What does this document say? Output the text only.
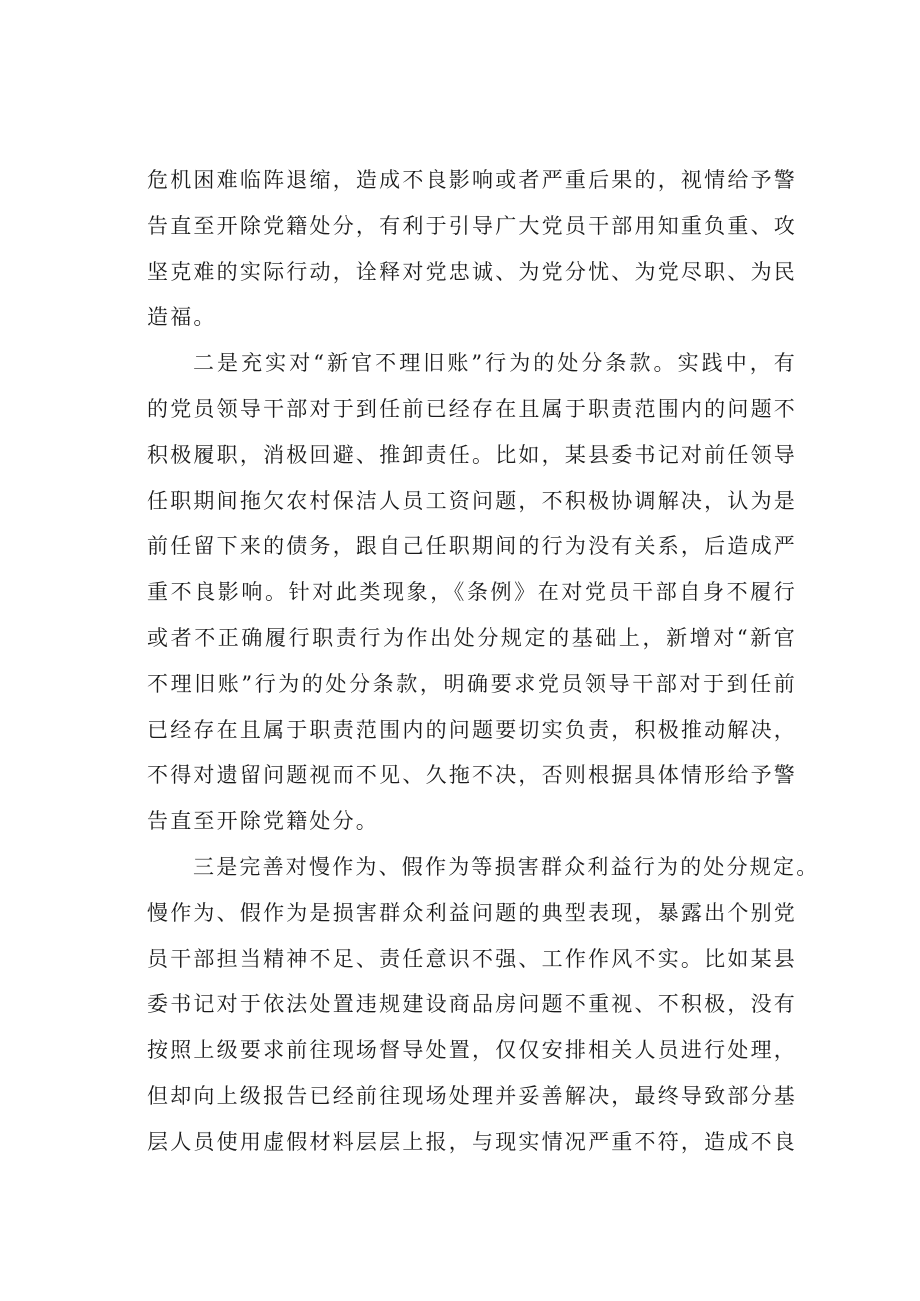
危机困难临阵退缩，造成不良影响或者严重后果的，视情给予警
告直至开除党籍处分，有利于引导广大党员干部用知重负重、攻
坚克难的实际行动，诠释对党忠诚、为党分忧、为党尽职、为民
造福。
二是充实对“新官不理旧账”行为的处分条款。实践中，有
的党员领导干部对于到任前已经存在且属于职责范围内的问题不
积极履职，消极回避、推卸责任。比如，某县委书记对前任领导
任职期间拖欠农村保洁人员工资问题，不积极协调解决，认为是
前任留下来的债务，跟自己任职期间的行为没有关系，后造成严
重不良影响。针对此类现象，《条例》在对党员干部自身不履行
或者不正确履行职责行为作出处分规定的基础上，新增对“新官
不理旧账”行为的处分条款，明确要求党员领导干部对于到任前
已经存在且属于职责范围内的问题要切实负责，积极推动解决，
不得对遗留问题视而不见、久拖不决，否则根据具体情形给予警
告直至开除党籍处分。
三是完善对慢作为、假作为等损害群众利益行为的处分规定。
慢作为、假作为是损害群众利益问题的典型表现，暴露出个别党
员干部担当精神不足、责任意识不强、工作作风不实。比如某县
委书记对于依法处置违规建设商品房问题不重视、不积极，没有
按照上级要求前往现场督导处置，仅仅安排相关人员进行处理，
但却向上级报告已经前往现场处理并妥善解决，最终导致部分基
层人员使用虚假材料层层上报，与现实情况严重不符，造成不良
